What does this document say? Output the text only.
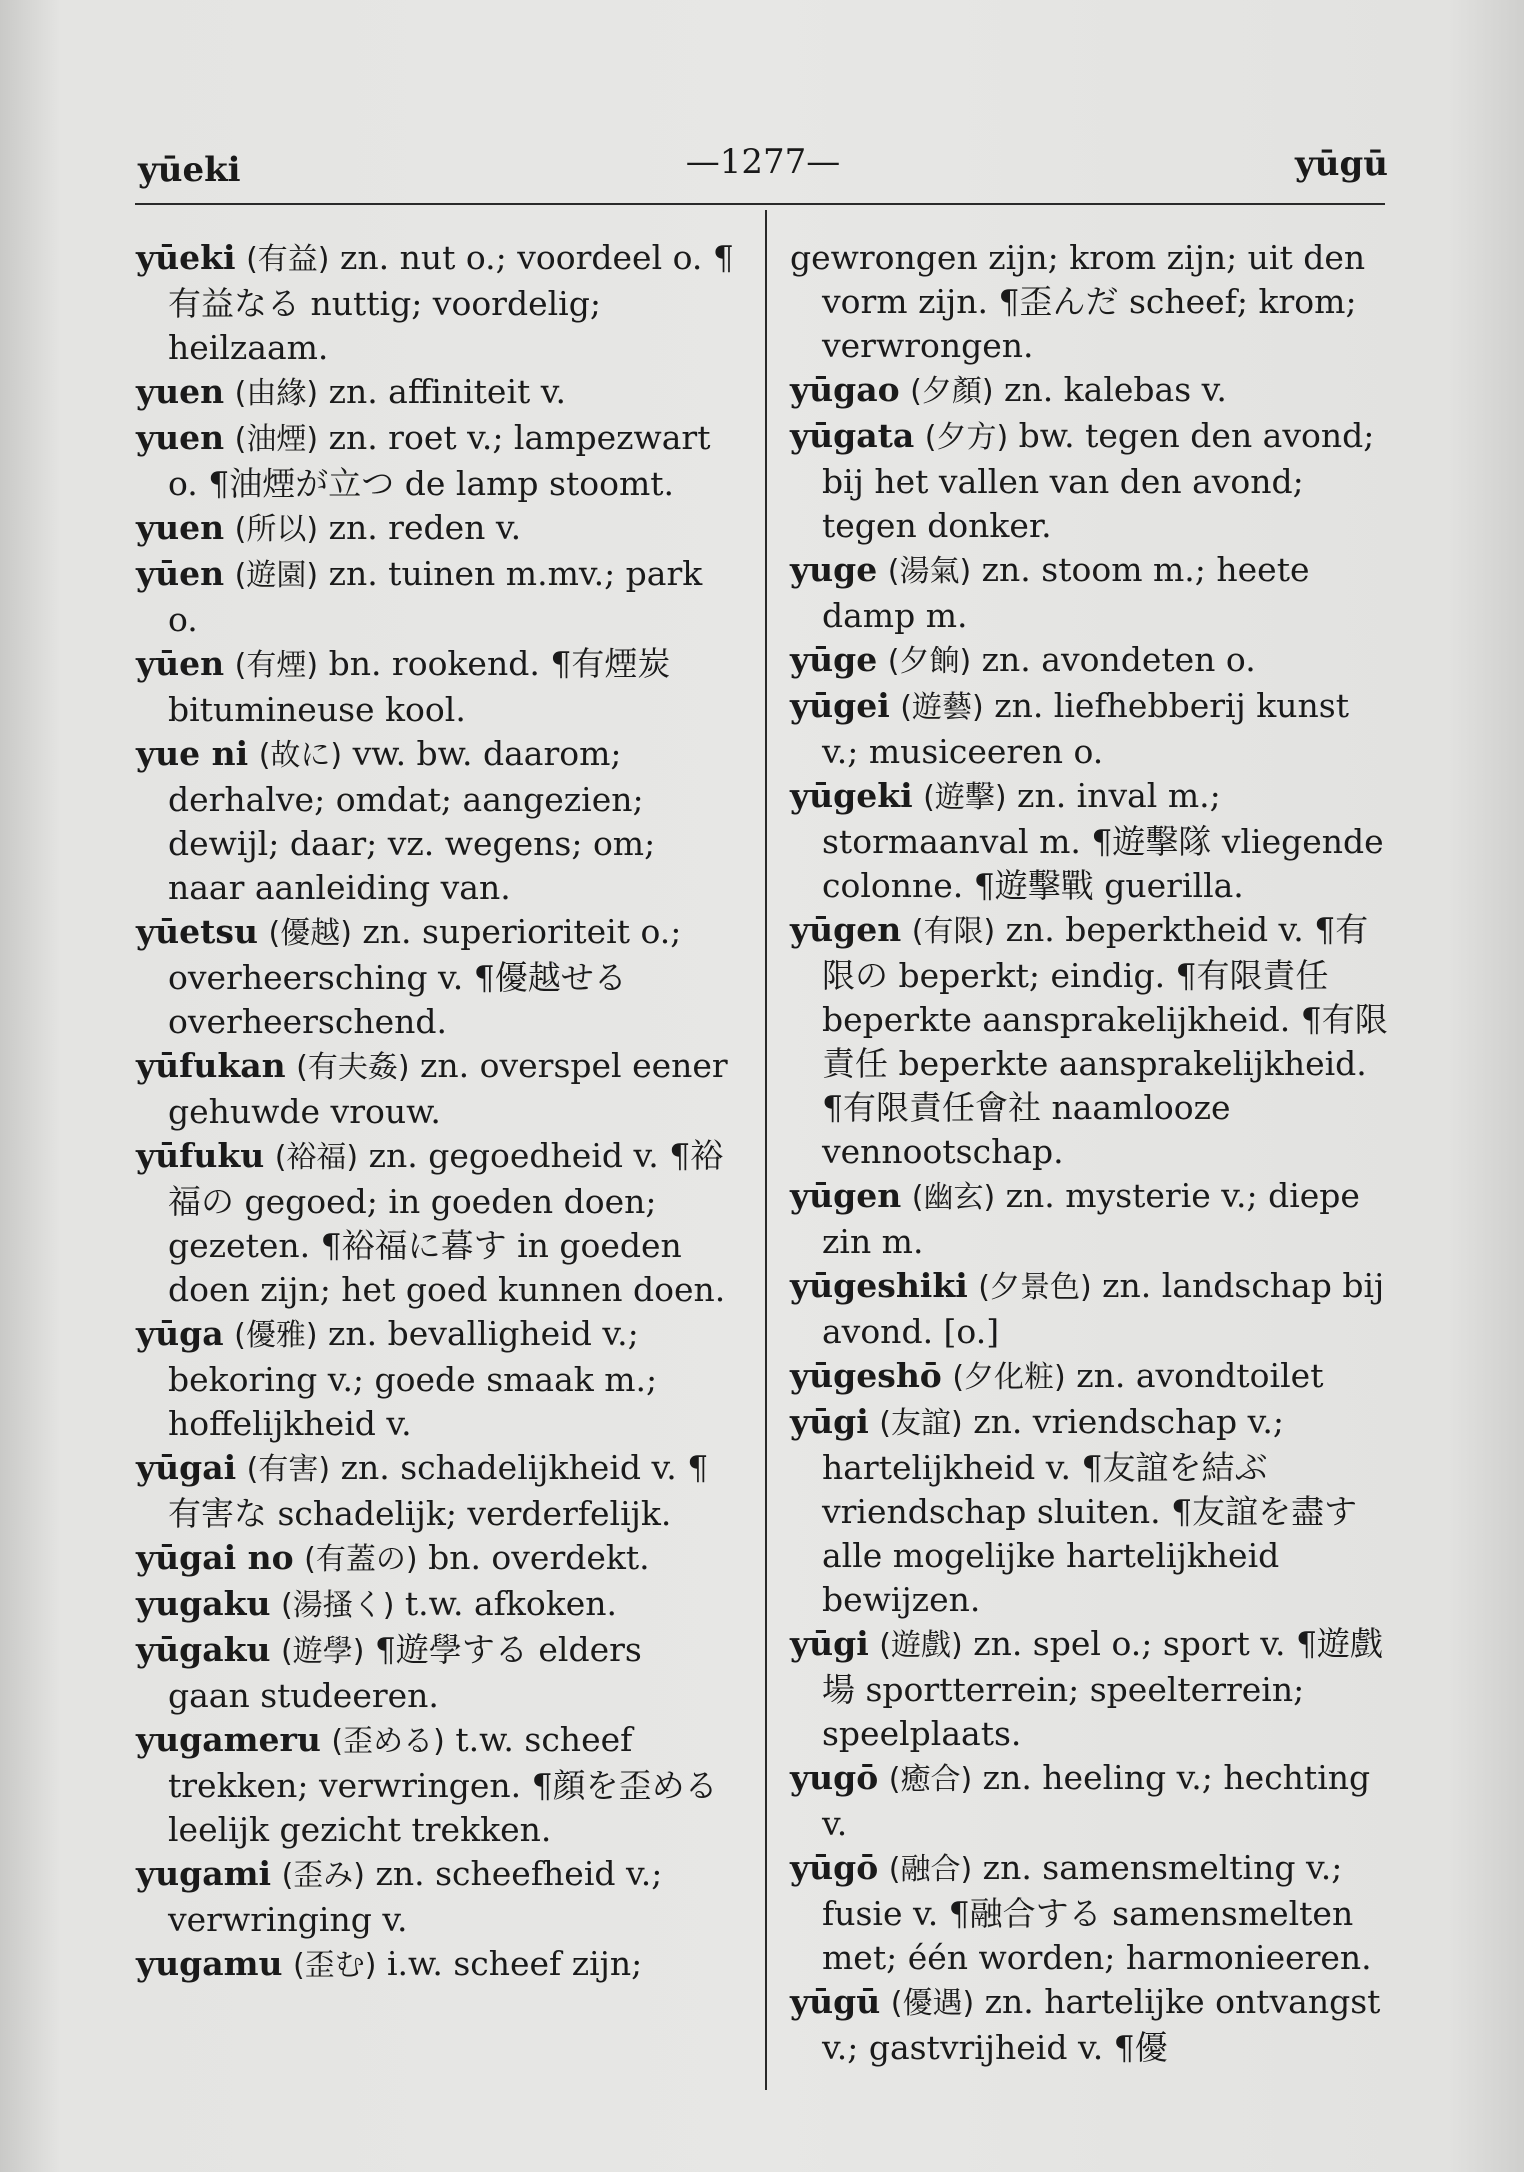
yūeki	—1277—	yūgū

yūeki (有益) zn. nut o.; voordeel o. ¶有益なる nuttig; voordelig; heilzaam.

yuen (由緣) zn. affiniteit v.

yuen (油煙) zn. roet v.; lampezwart o. ¶油煙が立つ de lamp stoomt.

yuen (所以) zn. reden v.

yūen (遊園) zn. tuinen m.mv.; park o.

yūen (有煙) bn. rookend. ¶有煙炭 bitumineuse kool.

yue ni (故に) vw. bw. daarom; derhalve; omdat; aangezien; dewijl; daar; vz. wegens; om; naar aanleiding van.

yūetsu (優越) zn. superioriteit o.; overheersching v. ¶優越せる overheerschend.

yūfukan (有夫姦) zn. overspel eener gehuwde vrouw.

yūfuku (裕福) zn. gegoedheid v. ¶裕福の gegoed; in goeden doen; gezeten. ¶裕福に暮す in goeden doen zijn; het goed kunnen doen.

yūga (優雅) zn. bevalligheid v.; bekoring v.; goede smaak m.; hoffelijkheid v.

yūgai (有害) zn. schadelijkheid v. ¶有害な schadelijk; verderfelijk.

yūgai no (有蓋の) bn. overdekt.

yugaku (湯搔く) t.w. afkoken.

yūgaku (遊學) ¶遊學する elders gaan studeeren.

yugameru (歪める) t.w. scheef trekken; verwringen. ¶顔を歪める leelijk gezicht trekken.

yugami (歪み) zn. scheefheid v.; verwringing v.

yugamu (歪む) i.w. scheef zijn;

gewrongen zijn; krom zijn; uit den vorm zijn. ¶歪んだ scheef; krom; verwrongen.

yūgao (夕顏) zn. kalebas v.

yūgata (夕方) bw. tegen den avond; bij het vallen van den avond; tegen donker.

yuge (湯氣) zn. stoom m.; heete damp m.

yūge (夕餉) zn. avondeten o.

yūgei (遊藝) zn. liefhebberij kunst v.; musiceeren o.

yūgeki (遊擊) zn. inval m.; stormaanval m. ¶遊擊隊 vliegende colonne. ¶遊擊戰 guerilla.

yūgen (有限) zn. beperktheid v. ¶有限の beperkt; eindig. ¶有限責任 beperkte aansprakelijkheid. ¶有限責任 beperkte aansprakelijkheid. ¶有限責任會社 naamlooze vennootschap.

yūgen (幽玄) zn. mysterie v.; diepe zin m.

yūgeshiki (夕景色) zn. landschap bij avond. [o.]

yūgeshō (夕化粧) zn. avondtoilet

yūgi (友誼) zn. vriendschap v.; hartelijkheid v. ¶友誼を結ぶ vriendschap sluiten. ¶友誼を盡す alle mogelijke hartelijkheid bewijzen.

yūgi (遊戲) zn. spel o.; sport v. ¶遊戲場 sportterrein; speelterrein; speelplaats.

yugō (癒合) zn. heeling v.; hechting v.

yūgō (融合) zn. samensmelting v.; fusie v. ¶融合する samensmelten met; één worden; harmonieeren.

yūgū (優遇) zn. hartelijke ontvangst v.; gastvrijheid v. ¶優
